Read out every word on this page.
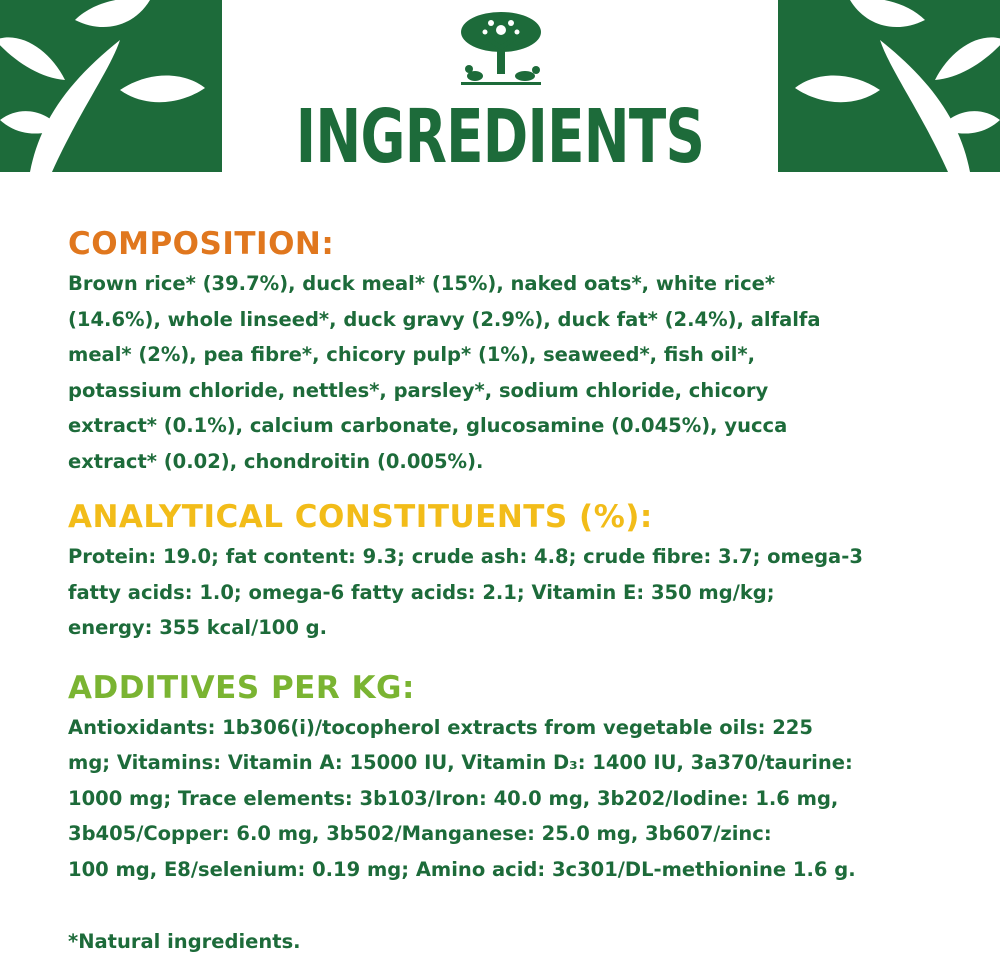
INGREDIENTS
COMPOSITION:

Brown rice* (39.7%), duck meal* (15%), naked oats*, white rice*
(14.6%), whole linseed*, duck gravy (2.9%), duck fat* (2.4%), alfalfa
meal* (2%), pea fibre*, chicory pulp* (1%), seaweed*, fish oil*,
potassium chloride, nettles*, parsley*, sodium chloride, chicory
extract* (0.1%), calcium carbonate, glucosamine (0.045%), yucca
extract* (0.02), chondroitin (0.005%).

ANALYTICAL CONSTITUENTS (%):

Protein: 19.0; fat content: 9.3; crude ash: 4.8; crude fibre: 3.7; omega-3
fatty acids: 1.0; omega-6 fatty acids: 2.1; Vitamin E: 350 mg/kg;
energy: 355 kcal/100 g.

ADDITIVES PER KG:

Antioxidants: 1b306(i)/tocopherol extracts from vegetable oils: 225
mg; Vitamins: Vitamin A: 15000 IU, Vitamin D₃: 1400 IU, 3a370/taurine:
1000 mg; Trace elements: 3b103/Iron: 40.0 mg, 3b202/Iodine: 1.6 mg,
3b405/Copper: 6.0 mg, 3b502/Manganese: 25.0 mg, 3b607/zinc:
100 mg, E8/selenium: 0.19 mg; Amino acid: 3c301/DL-methionine 1.6 g.

*Natural ingredients.
